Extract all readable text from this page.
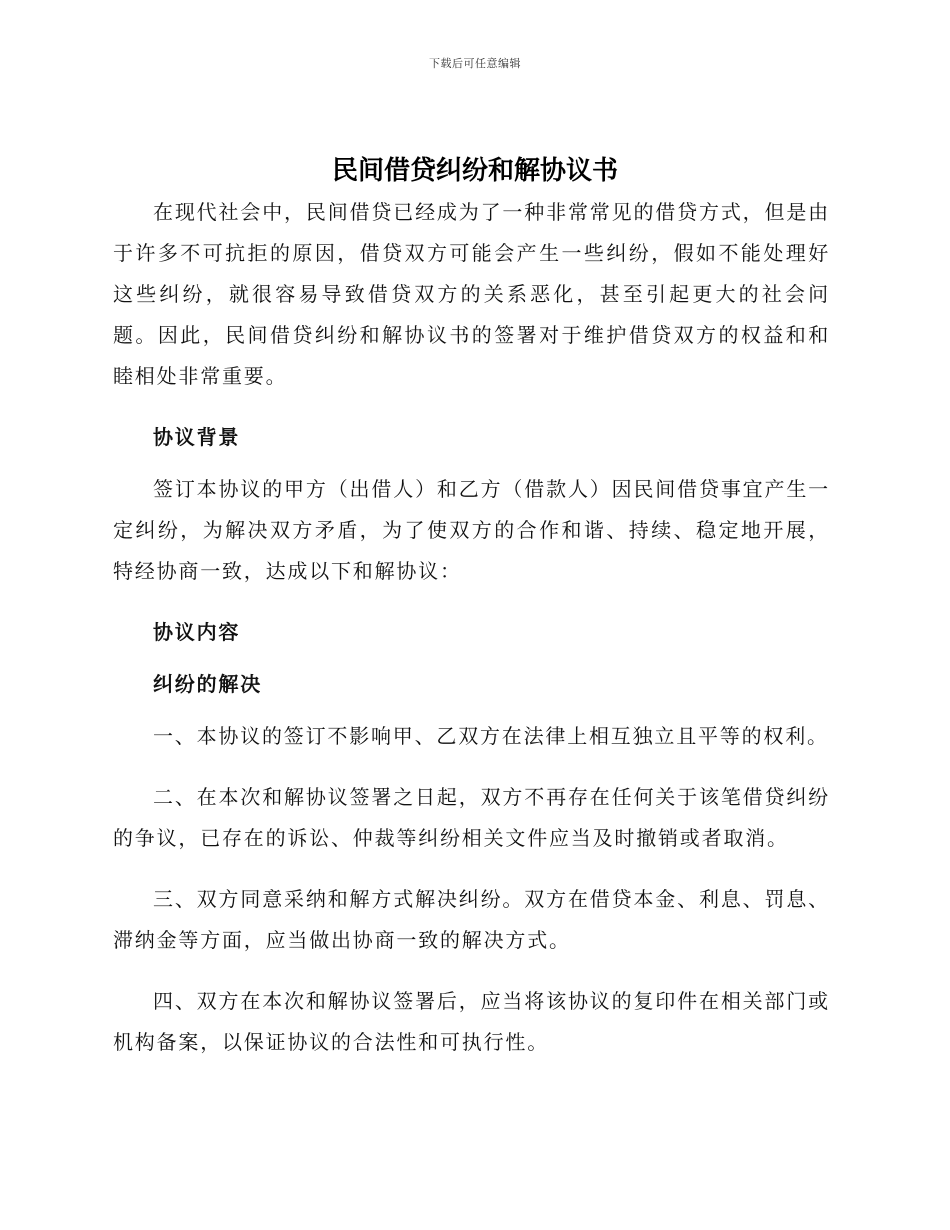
下载后可任意编辑
民间借贷纠纷和解协议书

在现代社会中，民间借贷已经成为了一种非常常见的借贷方式，但是由于许多不可抗拒的原因，借贷双方可能会产生一些纠纷，假如不能处理好这些纠纷，就很容易导致借贷双方的关系恶化，甚至引起更大的社会问题。因此，民间借贷纠纷和解协议书的签署对于维护借贷双方的权益和和睦相处非常重要。

协议背景

签订本协议的甲方（出借人）和乙方（借款人）因民间借贷事宜产生一定纠纷，为解决双方矛盾，为了使双方的合作和谐、持续、稳定地开展，特经协商一致，达成以下和解协议：

协议内容
纠纷的解决

一、本协议的签订不影响甲、乙双方在法律上相互独立且平等的权利。

二、在本次和解协议签署之日起，双方不再存在任何关于该笔借贷纠纷的争议，已存在的诉讼、仲裁等纠纷相关文件应当及时撤销或者取消。

三、双方同意采纳和解方式解决纠纷。双方在借贷本金、利息、罚息、滞纳金等方面，应当做出协商一致的解决方式。

四、双方在本次和解协议签署后，应当将该协议的复印件在相关部门或机构备案，以保证协议的合法性和可执行性。
